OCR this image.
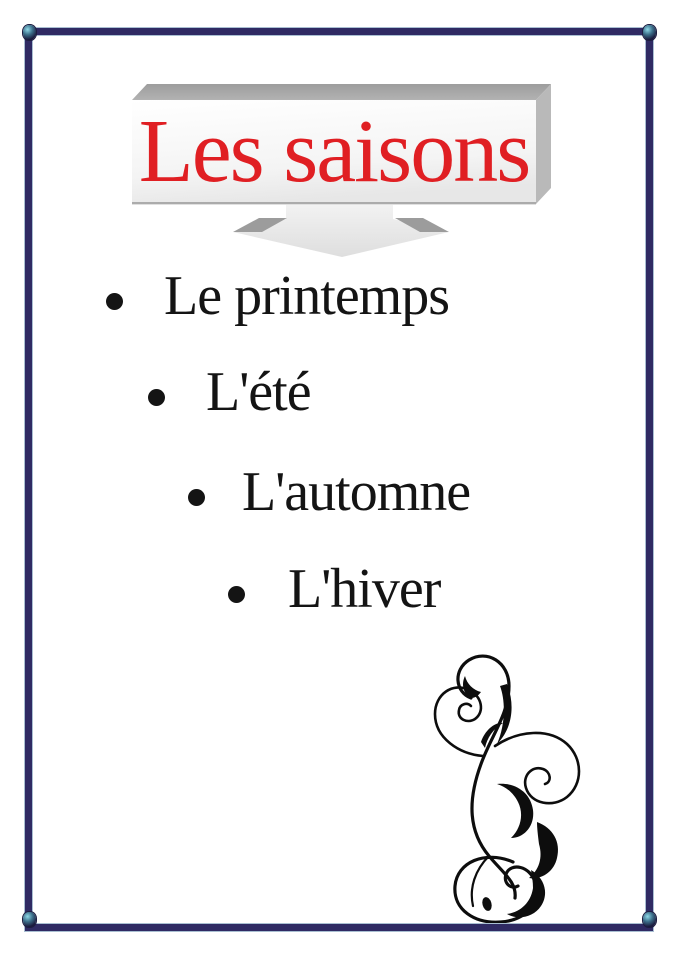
Les saisons
Le printemps
L'été
L'automne
L'hiver
